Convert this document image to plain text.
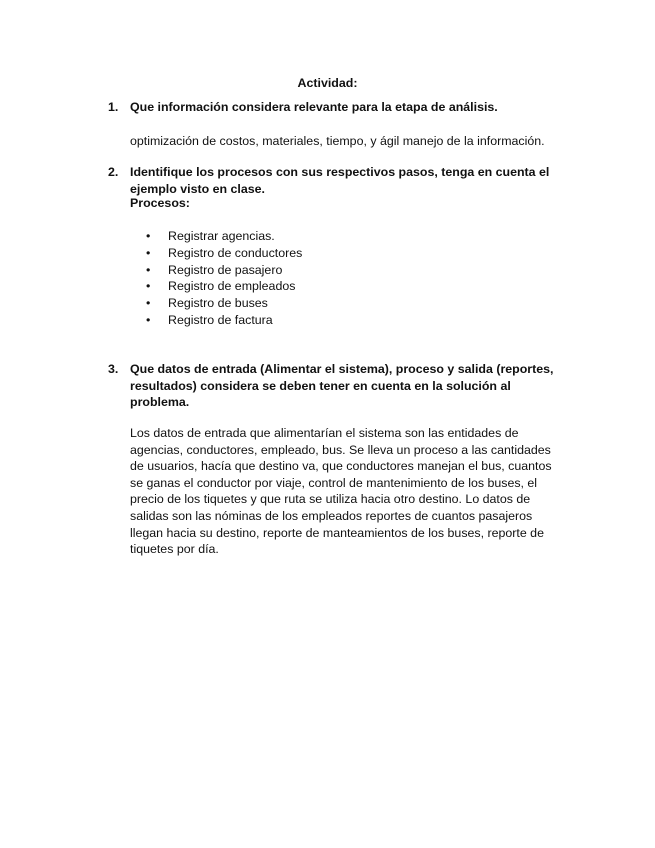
Actividad:
1. Que información considera relevante para la etapa de análisis.
optimización de costos, materiales, tiempo, y ágil manejo de la información.
2. Identifique los procesos con sus respectivos pasos, tenga en cuenta el ejemplo visto en clase.
Procesos:
• Registrar agencias.
• Registro de conductores
• Registro de pasajero
• Registro de empleados
• Registro de buses
• Registro de factura
3. Que datos de entrada (Alimentar el sistema), proceso y salida (reportes, resultados) considera se deben tener en cuenta en la solución al problema.
Los datos de entrada que alimentarían el sistema son las entidades de agencias, conductores, empleado, bus. Se lleva un proceso a las cantidades de usuarios, hacía que destino va, que conductores manejan el bus, cuantos se ganas el conductor por viaje, control de mantenimiento de los buses, el precio de los tiquetes y que ruta se utiliza hacia otro destino. Lo datos de salidas son las nóminas de los empleados reportes de cuantos pasajeros llegan hacia su destino, reporte de manteamientos de los buses, reporte de tiquetes por día.
